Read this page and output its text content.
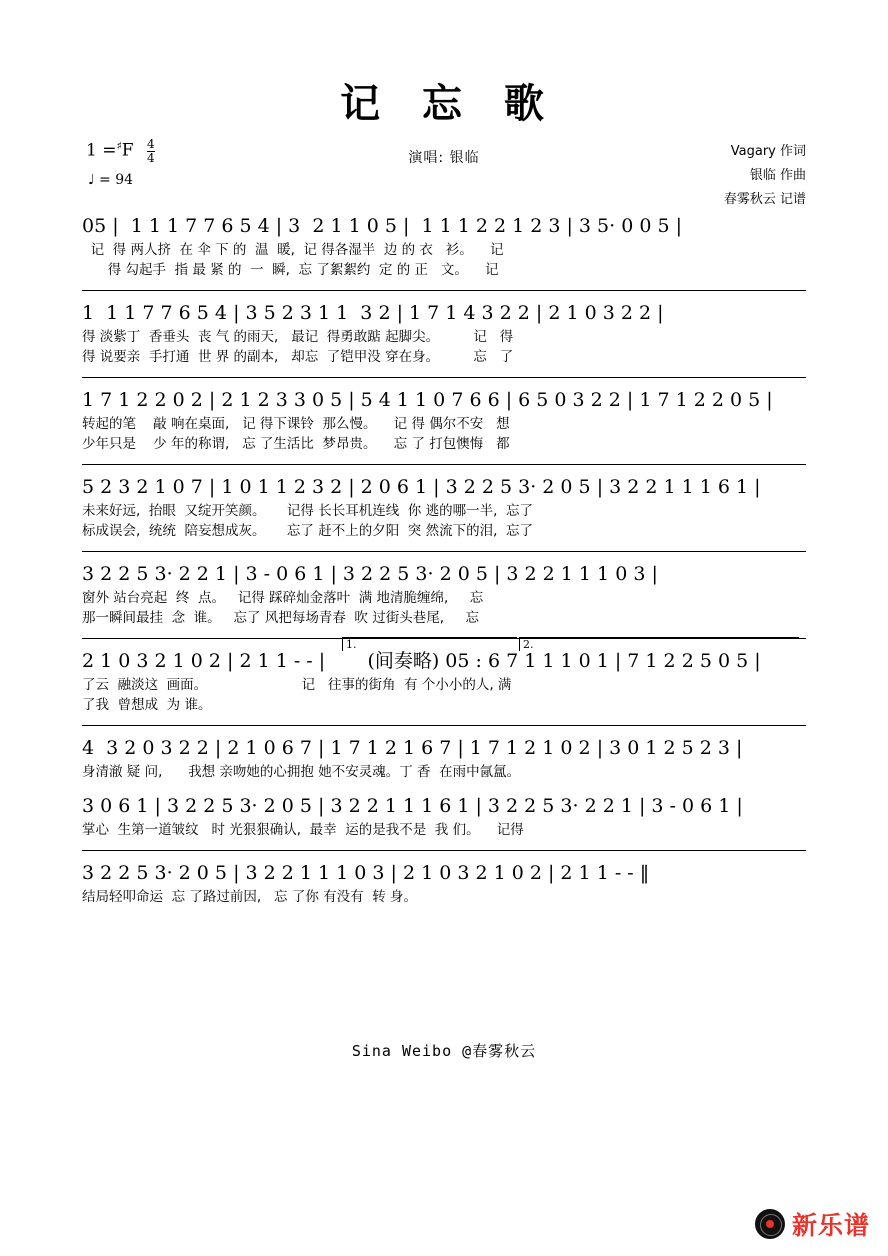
记 忘 歌
演唱: 银临
$1 =^♯F \frac{4}{4}$
♩ = 94
Vagary 作词
银临 作曲
春雾秋云 记谱
05 |  1 1 1 7 7 6 5 4 | 3  2 1 1 0 5 |  1 1 1 2 2 1 2 3 | 3 5· 0 0 5 |
记  得 两人挤  在 伞 下 的  温  暖,  记 得各湿半  边 的 衣   衫。    记
得 勾起手  指 最 紧 的  一  瞬,  忘 了絮絮约  定 的 正   文。    记
1  1 1 7 7 6 5 4 | 3 5 2 3 1 1  3 2 | 1 7 1 4 3 2 2 | 2 1 0 3 2 2 |
得 淡紫丁  香垂头  丧 气 的雨天,   最记  得勇敢踮 起脚尖。        记   得
得 说要亲  手打通  世 界 的副本,   却忘  了铠甲没 穿在身。        忘   了
1 7 1 2 2 0 2 | 2 1 2 3 3 0 5 | 5 4 1 1 0 7 6 6 | 6 5 0 3 2 2 | 1 7 1 2 2 0 5 |
转起的笔    敲 响在桌面,   记 得下课铃  那么慢。    记 得 偶尔不安   想
少年只是    少 年的称谓,   忘 了生活比  梦昂贵。    忘 了 打包懊悔   都
5 2 3 2 1 0 7 | 1 0 1 1 2 3 2 | 2 0 6 1 | 3 2 2 5 3· 2 0 5 | 3 2 2 1 1 1 6 1 |
未来好远,  抬眼  又绽开笑颜。     记得 长长耳机连线  你 逃的哪一半,  忘了
标成误会,  统统  陪妄想成灰。     忘了 赶不上的夕阳  突 然流下的泪,  忘了
3 2 2 5 3· 2 2 1 | 3 - 0 6 1 | 3 2 2 5 3· 2 0 5 | 3 2 2 1 1 1 0 3 |
窗外 站台亮起  终  点。   记得 踩碎灿金落叶  满 地清脆缠绵,     忘
那一瞬间最挂  念  谁。   忘了 风把每场青春  吹 过街头巷尾,     忘
1.	2.
2 1 0 3 2 1 0 2 | 2 1 1 - - |       (间奏略) 05 : 6 7 1 1 1 0 1 | 7 1 2 2 5 0 5 |
了云  融淡这  画面。                      记   往事的街角  有 个小小的人, 满
了我  曾想成  为 谁。
4  3 2 0 3 2 2 | 2 1 0 6 7 | 1 7 1 2 1 6 7 | 1 7 1 2 1 0 2 | 3 0 1 2 5 2 3 |
身清澈 疑 问,      我想 亲吻她的心拥抱 她不安灵魂。丁 香  在雨中氤氲。
3 0 6 1 | 3 2 2 5 3· 2 0 5 | 3 2 2 1 1 1 6 1 | 3 2 2 5 3· 2 2 1 | 3 - 0 6 1 |
掌心  生第一道皱纹   时 光狠狠确认,  最幸  运的是我不是  我 们。    记得
3 2 2 5 3· 2 0 5 | 3 2 2 1 1 1 0 3 | 2 1 0 3 2 1 0 2 | 2 1 1 - - ‖
结局轻叩命运  忘 了路过前因,   忘 了你 有没有  转 身。
Sina Weibo @春雾秋云
新乐谱
